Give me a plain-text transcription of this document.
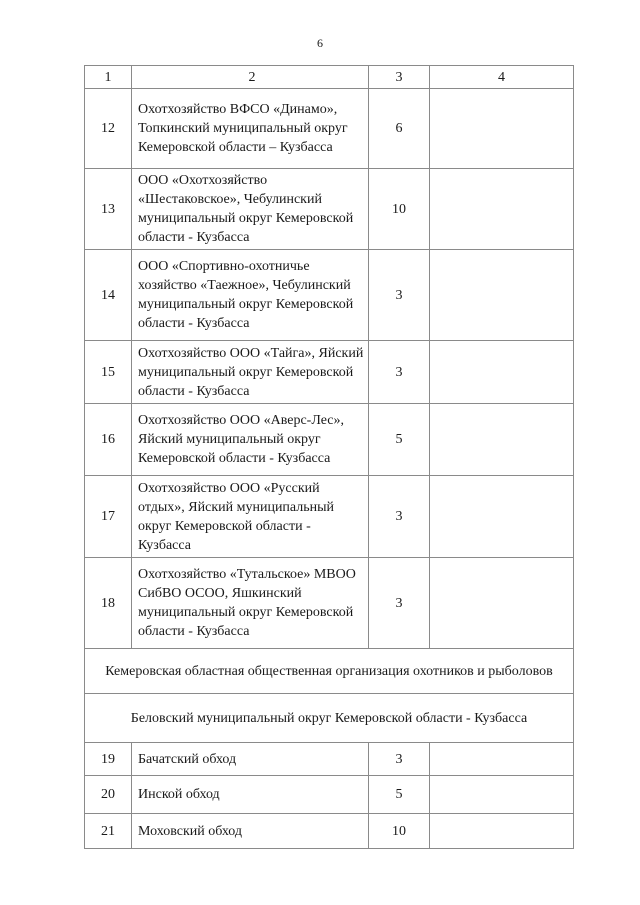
6
1	2	3	4
12	Охотхозяйство ВФСО «Динамо», Топкинский муниципальный округ Кемеровской области – Кузбасса	6	
13	ООО «Охотхозяйство «Шестаковское», Чебулинский муниципальный округ Кемеровской области - Кузбасса	10	
14	ООО «Спортивно-охотничье хозяйство «Таежное», Чебулинский муниципальный округ Кемеровской области - Кузбасса	3	
15	Охотхозяйство ООО «Тайга», Яйский муниципальный округ Кемеровской области - Кузбасса	3	
16	Охотхозяйство ООО «Аверс-Лес», Яйский муниципальный округ Кемеровской области - Кузбасса	5	
17	Охотхозяйство ООО «Русский отдых», Яйский муниципальный округ Кемеровской области - Кузбасса	3	
18	Охотхозяйство «Тутальское» МВОО СибВО ОСОО, Яшкинский муниципальный округ Кемеровской области - Кузбасса	3	
Кемеровская областная общественная организация охотников и рыболовов			
Беловский муниципальный округ Кемеровской области - Кузбасса			
19	Бачатский обход	3	
20	Инской обход	5	
21	Моховский обход	10	
